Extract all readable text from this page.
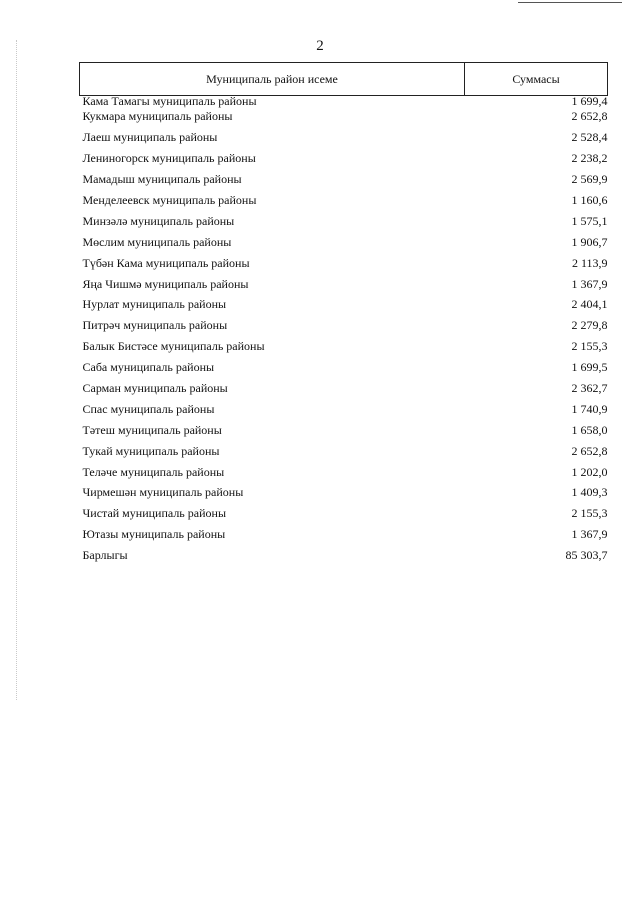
2
Муниципаль район исеме	Суммасы
Кама Тамагы муниципаль районы	1 699,4
Кукмара муниципаль районы	2 652,8
Лаеш муниципаль районы	2 528,4
Лениногорск муниципаль районы	2 238,2
Мамадыш муниципаль районы	2 569,9
Менделеевск муниципаль районы	1 160,6
Минзәлә муниципаль районы	1 575,1
Мөслим муниципаль районы	1 906,7
Түбән Кама муниципаль районы	2 113,9
Яңа Чишмә муниципаль районы	1 367,9
Нурлат муниципаль районы	2 404,1
Питрәч муниципаль районы	2 279,8
Балык Бистәсе муниципаль районы	2 155,3
Саба муниципаль районы	1 699,5
Сарман муниципаль районы	2 362,7
Спас муниципаль районы	1 740,9
Тәтеш муниципаль районы	1 658,0
Тукай муниципаль районы	2 652,8
Теләче муниципаль районы	1 202,0
Чирмешән муниципаль районы	1 409,3
Чистай муниципаль районы	2 155,3
Ютазы муниципаль районы	1 367,9
Барлыгы	85 303,7
